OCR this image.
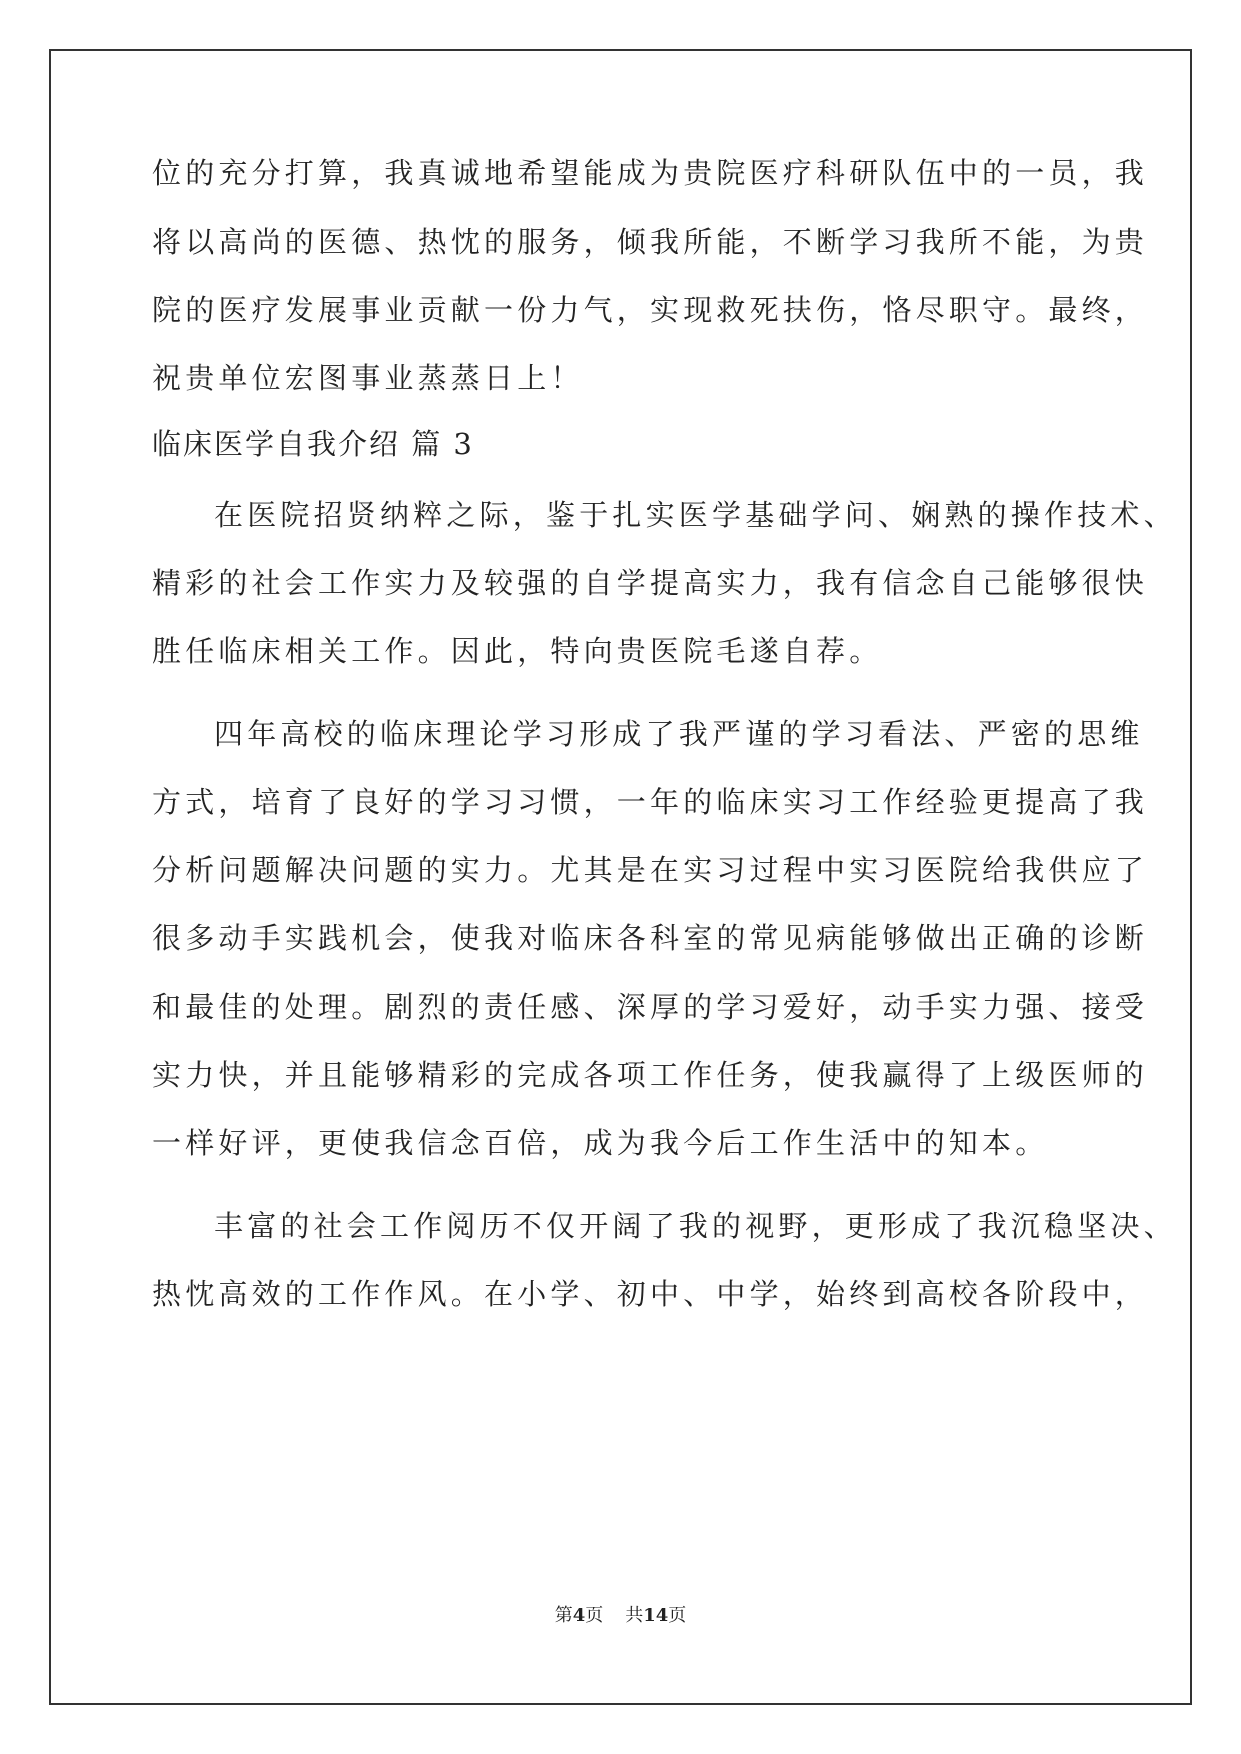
位的充分打算，我真诚地希望能成为贵院医疗科研队伍中的一员，我
将以高尚的医德、热忱的服务，倾我所能，不断学习我所不能，为贵
院的医疗发展事业贡献一份力气，实现救死扶伤，恪尽职守。最终，
祝贵单位宏图事业蒸蒸日上！
临床医学自我介绍 篇 3
在医院招贤纳粹之际，鉴于扎实医学基础学问、娴熟的操作技术、
精彩的社会工作实力及较强的自学提高实力，我有信念自己能够很快
胜任临床相关工作。因此，特向贵医院毛遂自荐。
四年高校的临床理论学习形成了我严谨的学习看法、严密的思维
方式，培育了良好的学习习惯，一年的临床实习工作经验更提高了我
分析问题解决问题的实力。尤其是在实习过程中实习医院给我供应了
很多动手实践机会，使我对临床各科室的常见病能够做出正确的诊断
和最佳的处理。剧烈的责任感、深厚的学习爱好，动手实力强、接受
实力快，并且能够精彩的完成各项工作任务，使我赢得了上级医师的
一样好评，更使我信念百倍，成为我今后工作生活中的知本。
丰富的社会工作阅历不仅开阔了我的视野，更形成了我沉稳坚决、
热忱高效的工作作风。在小学、初中、中学，始终到高校各阶段中，
第4页 共14页
